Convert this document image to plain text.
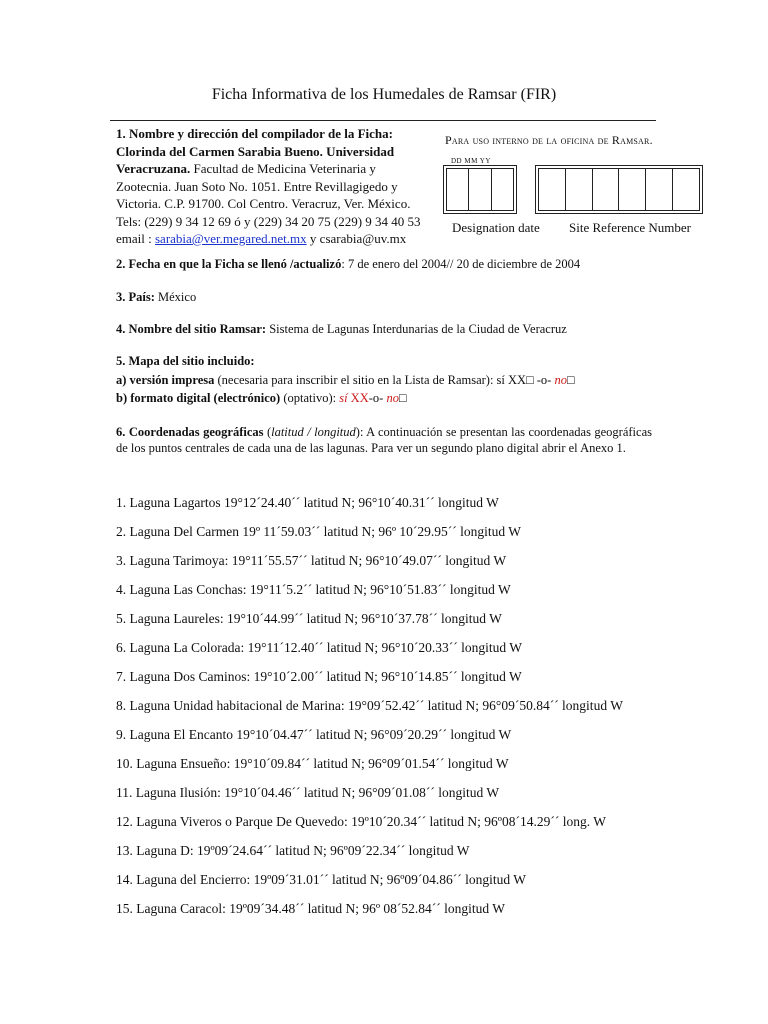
Ficha Informativa de los Humedales de Ramsar (FIR)
1. Nombre y dirección del compilador de la Ficha:
Clorinda del Carmen Sarabia Bueno. Universidad
Veracruzana. Facultad de Medicina Veterinaria y
Zootecnia. Juan Soto No. 1051. Entre Revillagigedo y
Victoria. C.P. 91700. Col Centro. Veracruz, Ver. México.
Tels: (229) 9 34 12 69 ó y (229) 34 20 75 (229) 9 34 40 53
email : sarabia@ver.megared.net.mx y csarabia@uv.mx
Para uso interno de la oficina de Ramsar.
DD MM YY
Designation date Site Reference Number
2. Fecha en que la Ficha se llenó /actualizó: 7 de enero del 2004// 20 de diciembre de 2004
3. País: México
4. Nombre del sitio Ramsar: Sistema de Lagunas Interdunarias de la Ciudad de Veracruz
5. Mapa del sitio incluido:
a) versión impresa (necesaria para inscribir el sitio en la Lista de Ramsar): sí XX□ -o- no□
b) formato digital (electrónico) (optativo): sí XX-o- no□
6. Coordenadas geográficas (latitud / longitud): A continuación se presentan las coordenadas geográficas de los puntos centrales de cada una de las lagunas. Para ver un segundo plano digital abrir el Anexo 1.
1. Laguna Lagartos 19°12´24.40´´ latitud N; 96°10´40.31´´ longitud W
2. Laguna Del Carmen 19º 11´59.03´´ latitud N; 96º 10´29.95´´ longitud W
3. Laguna Tarimoya: 19°11´55.57´´ latitud N; 96°10´49.07´´ longitud W
4. Laguna Las Conchas: 19°11´5.2´´ latitud N; 96°10´51.83´´ longitud W
5. Laguna Laureles: 19°10´44.99´´ latitud N; 96°10´37.78´´ longitud W
6. Laguna La Colorada: 19°11´12.40´´ latitud N; 96°10´20.33´´ longitud W
7. Laguna Dos Caminos: 19°10´2.00´´ latitud N; 96°10´14.85´´ longitud W
8. Laguna Unidad habitacional de Marina: 19°09´52.42´´ latitud N; 96°09´50.84´´ longitud W
9. Laguna El Encanto 19°10´04.47´´ latitud N; 96°09´20.29´´ longitud W
10. Laguna Ensueño: 19°10´09.84´´ latitud N; 96°09´01.54´´ longitud W
11. Laguna Ilusión: 19°10´04.46´´ latitud N; 96°09´01.08´´ longitud W
12. Laguna Viveros o Parque De Quevedo: 19º10´20.34´´ latitud N; 96º08´14.29´´ long. W
13. Laguna D: 19º09´24.64´´ latitud N; 96º09´22.34´´ longitud W
14. Laguna del Encierro: 19º09´31.01´´ latitud N; 96º09´04.86´´ longitud W
15. Laguna Caracol: 19º09´34.48´´ latitud N; 96º 08´52.84´´ longitud W
